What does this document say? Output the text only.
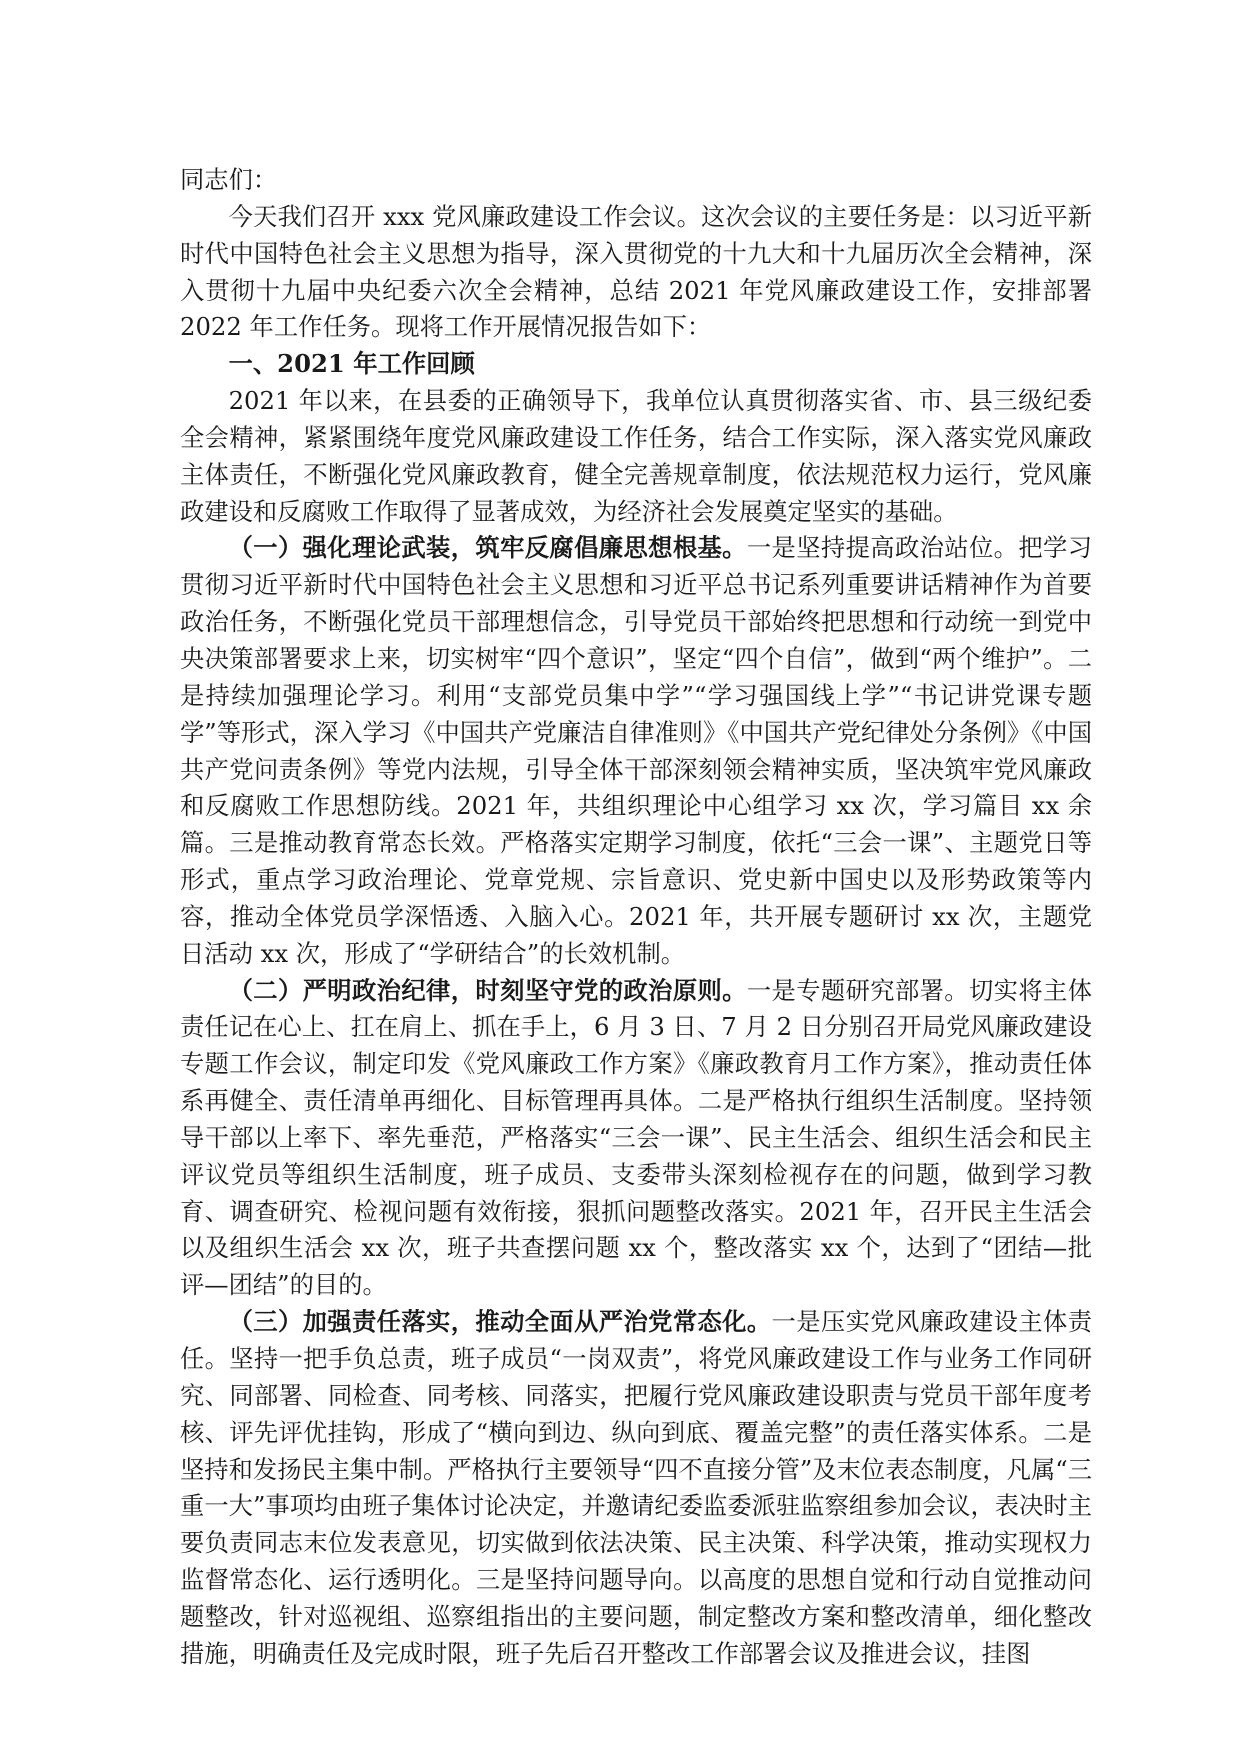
同志们：

今天我们召开 xxx 党风廉政建设工作会议。这次会议的主要任务是：以习近平新时代中国特色社会主义思想为指导，深入贯彻党的十九大和十九届历次全会精神，深入贯彻十九届中央纪委六次全会精神，总结 2021 年党风廉政建设工作，安排部署 2022 年工作任务。现将工作开展情况报告如下：

一、2021 年工作回顾

2021 年以来，在县委的正确领导下，我单位认真贯彻落实省、市、县三级纪委全会精神，紧紧围绕年度党风廉政建设工作任务，结合工作实际，深入落实党风廉政主体责任，不断强化党风廉政教育，健全完善规章制度，依法规范权力运行，党风廉政建设和反腐败工作取得了显著成效，为经济社会发展奠定坚实的基础。

（一）强化理论武装，筑牢反腐倡廉思想根基。一是坚持提高政治站位。把学习贯彻习近平新时代中国特色社会主义思想和习近平总书记系列重要讲话精神作为首要政治任务，不断强化党员干部理想信念，引导党员干部始终把思想和行动统一到党中央决策部署要求上来，切实树牢“四个意识”，坚定“四个自信”，做到“两个维护”。二是持续加强理论学习。利用“支部党员集中学”“学习强国线上学”“书记讲党课专题学”等形式，深入学习《中国共产党廉洁自律准则》《中国共产党纪律处分条例》《中国共产党问责条例》等党内法规，引导全体干部深刻领会精神实质，坚决筑牢党风廉政和反腐败工作思想防线。2021 年，共组织理论中心组学习 xx 次，学习篇目 xx 余篇。三是推动教育常态长效。严格落实定期学习制度，依托“三会一课”、主题党日等形式，重点学习政治理论、党章党规、宗旨意识、党史新中国史以及形势政策等内容，推动全体党员学深悟透、入脑入心。2021 年，共开展专题研讨 xx 次，主题党日活动 xx 次，形成了“学研结合”的长效机制。

（二）严明政治纪律，时刻坚守党的政治原则。一是专题研究部署。切实将主体责任记在心上、扛在肩上、抓在手上，6 月 3 日、7 月 2 日分别召开局党风廉政建设专题工作会议，制定印发《党风廉政工作方案》《廉政教育月工作方案》，推动责任体系再健全、责任清单再细化、目标管理再具体。二是严格执行组织生活制度。坚持领导干部以上率下、率先垂范，严格落实“三会一课”、民主生活会、组织生活会和民主评议党员等组织生活制度，班子成员、支委带头深刻检视存在的问题，做到学习教育、调查研究、检视问题有效衔接，狠抓问题整改落实。2021 年，召开民主生活会以及组织生活会 xx 次，班子共查摆问题 xx 个，整改落实 xx 个，达到了“团结—批评—团结”的目的。

（三）加强责任落实，推动全面从严治党常态化。一是压实党风廉政建设主体责任。坚持一把手负总责，班子成员“一岗双责”，将党风廉政建设工作与业务工作同研究、同部署、同检查、同考核、同落实，把履行党风廉政建设职责与党员干部年度考核、评先评优挂钩，形成了“横向到边、纵向到底、覆盖完整”的责任落实体系。二是坚持和发扬民主集中制。严格执行主要领导“四不直接分管”及末位表态制度，凡属“三重一大”事项均由班子集体讨论决定，并邀请纪委监委派驻监察组参加会议，表决时主要负责同志末位发表意见，切实做到依法决策、民主决策、科学决策，推动实现权力监督常态化、运行透明化。三是坚持问题导向。以高度的思想自觉和行动自觉推动问题整改，针对巡视组、巡察组指出的主要问题，制定整改方案和整改清单，细化整改措施，明确责任及完成时限，班子先后召开整改工作部署会议及推进会议，挂图
